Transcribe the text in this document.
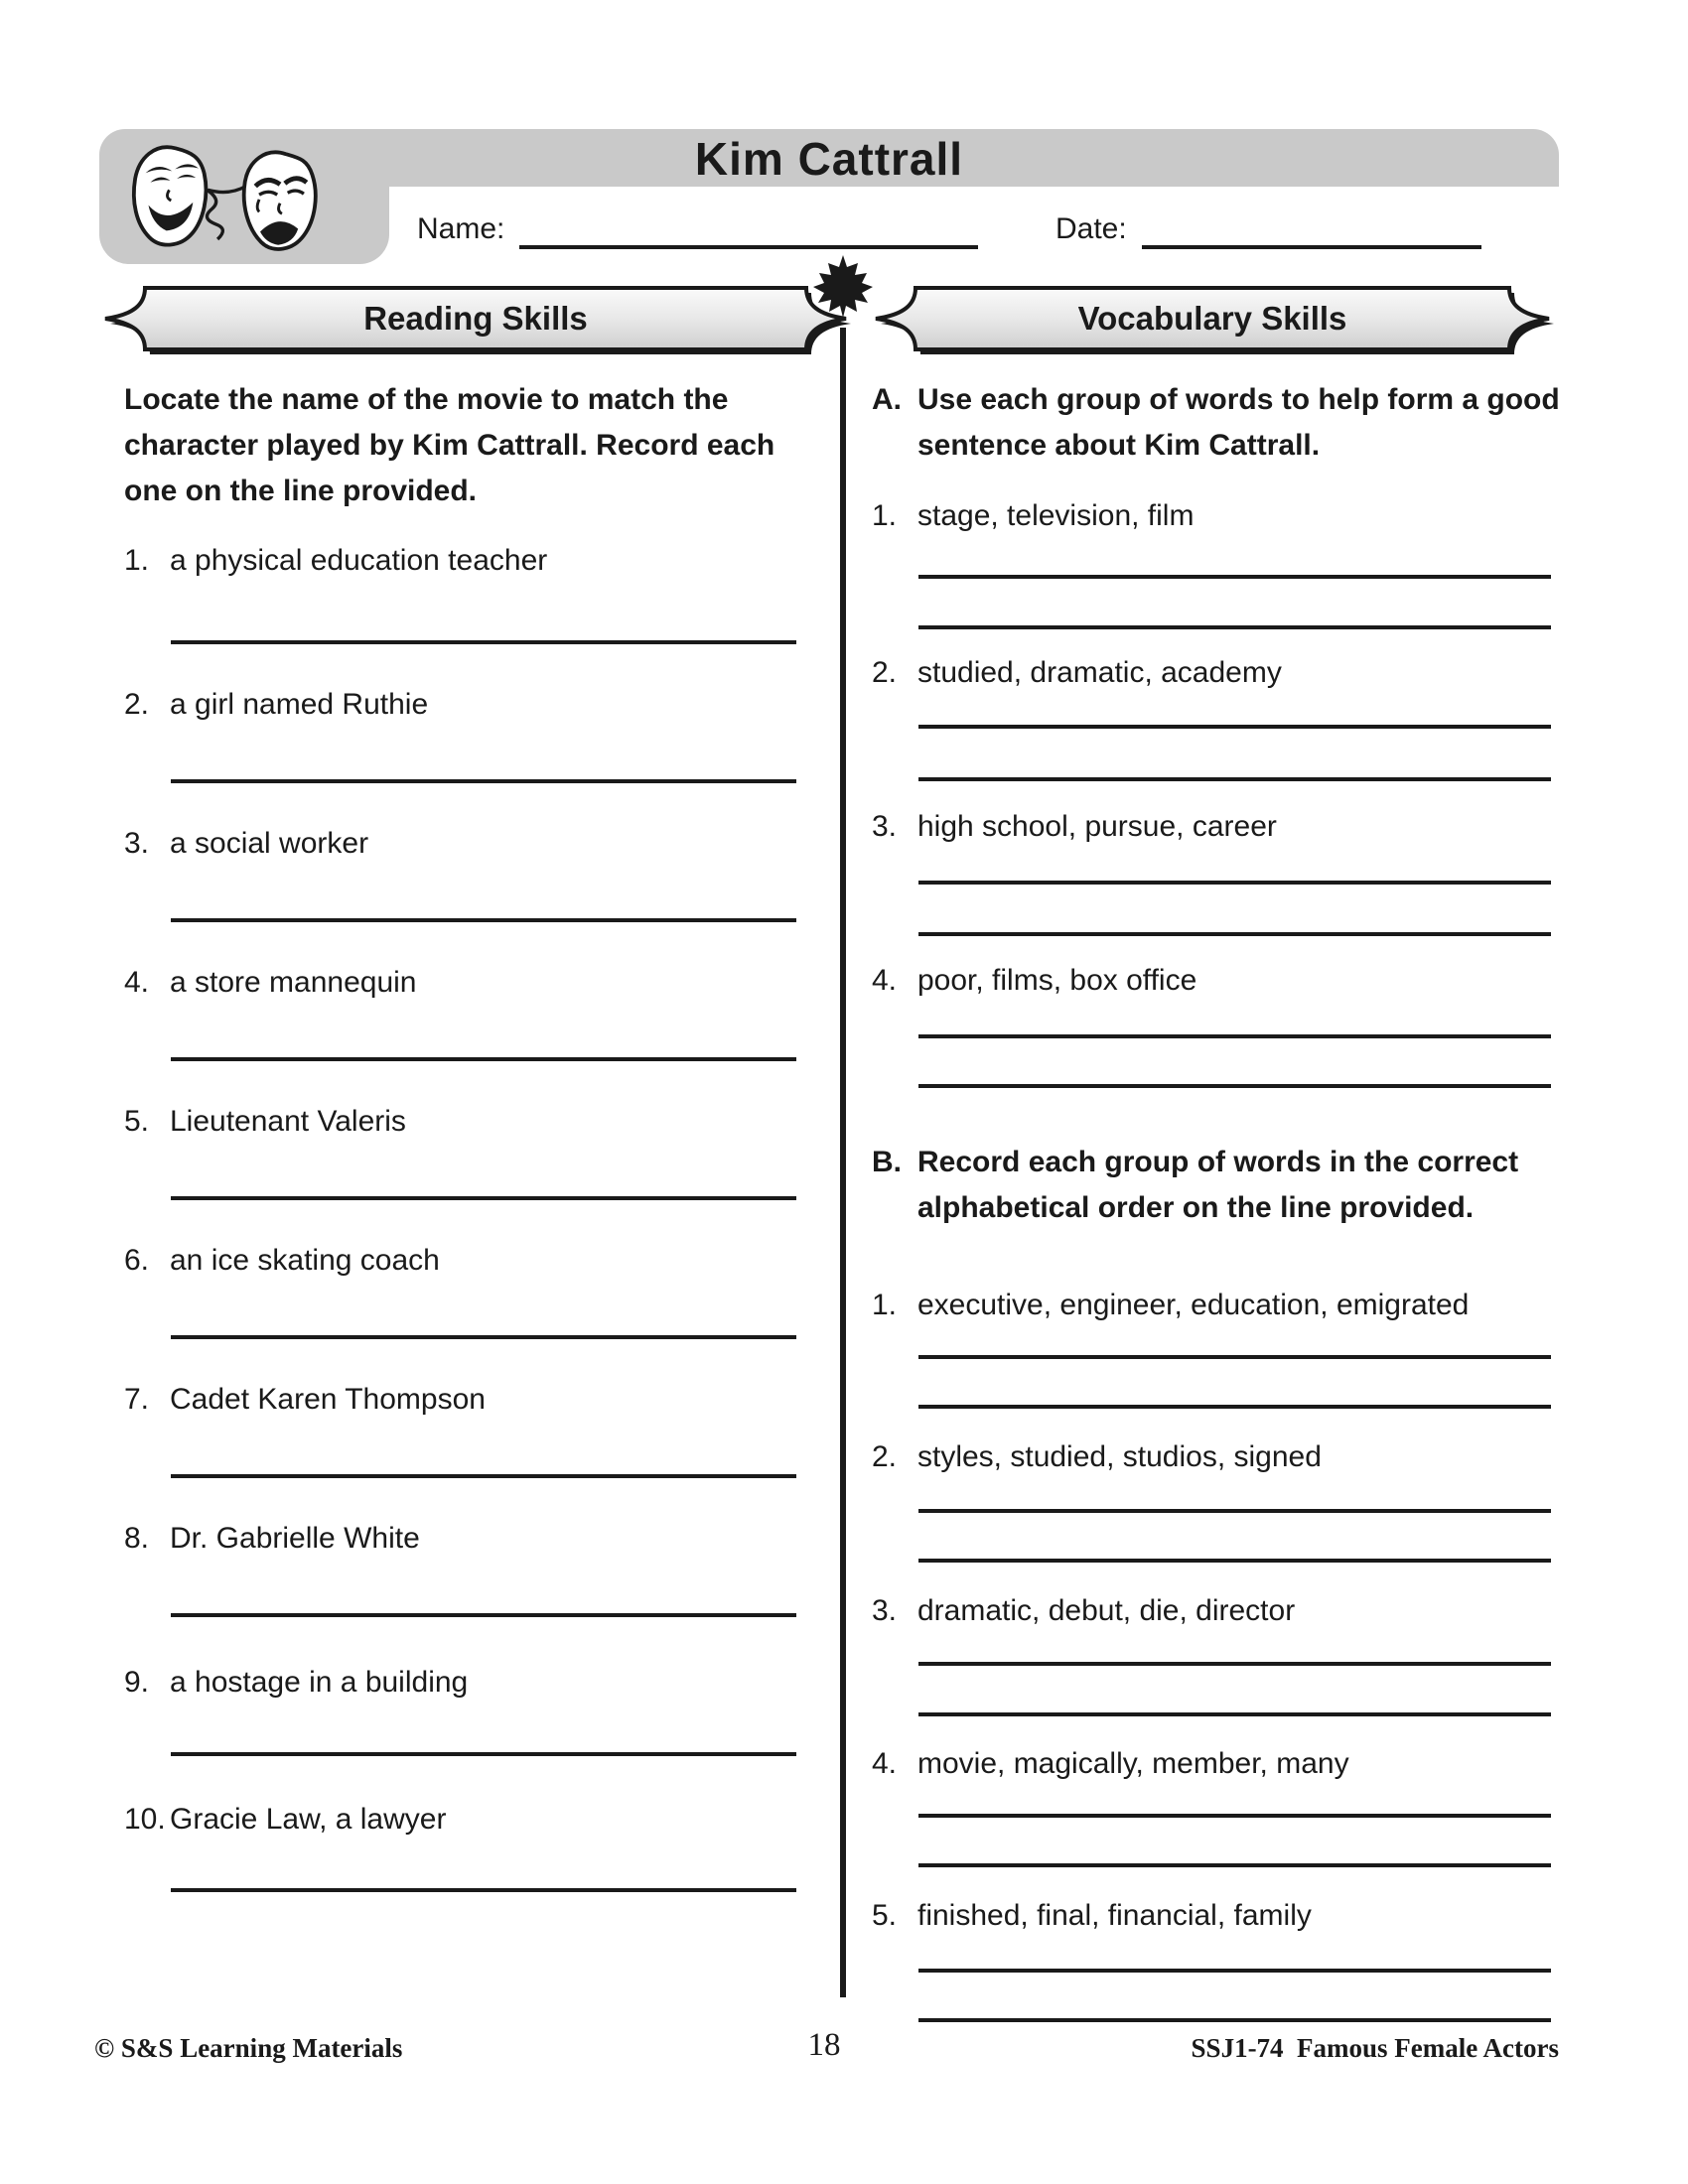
Kim Cattrall
Name:	Date:
Reading Skills	Vocabulary Skills
Locate the name of the movie to match the character played by Kim Cattrall. Record each one on the line provided.
1. a physical education teacher
2. a girl named Ruthie
3. a social worker
4. a store mannequin
5. Lieutenant Valeris
6. an ice skating coach
7. Cadet Karen Thompson
8. Dr. Gabrielle White
9. a hostage in a building
10. Gracie Law, a lawyer
A. Use each group of words to help form a good sentence about Kim Cattrall.
1. stage, television, film
2. studied, dramatic, academy
3. high school, pursue, career
4. poor, films, box office
B. Record each group of words in the correct alphabetical order on the line provided.
1. executive, engineer, education, emigrated
2. styles, studied, studios, signed
3. dramatic, debut, die, director
4. movie, magically, member, many
5. finished, final, financial, family
© S&S Learning Materials	18	SSJ1-74  Famous Female Actors
